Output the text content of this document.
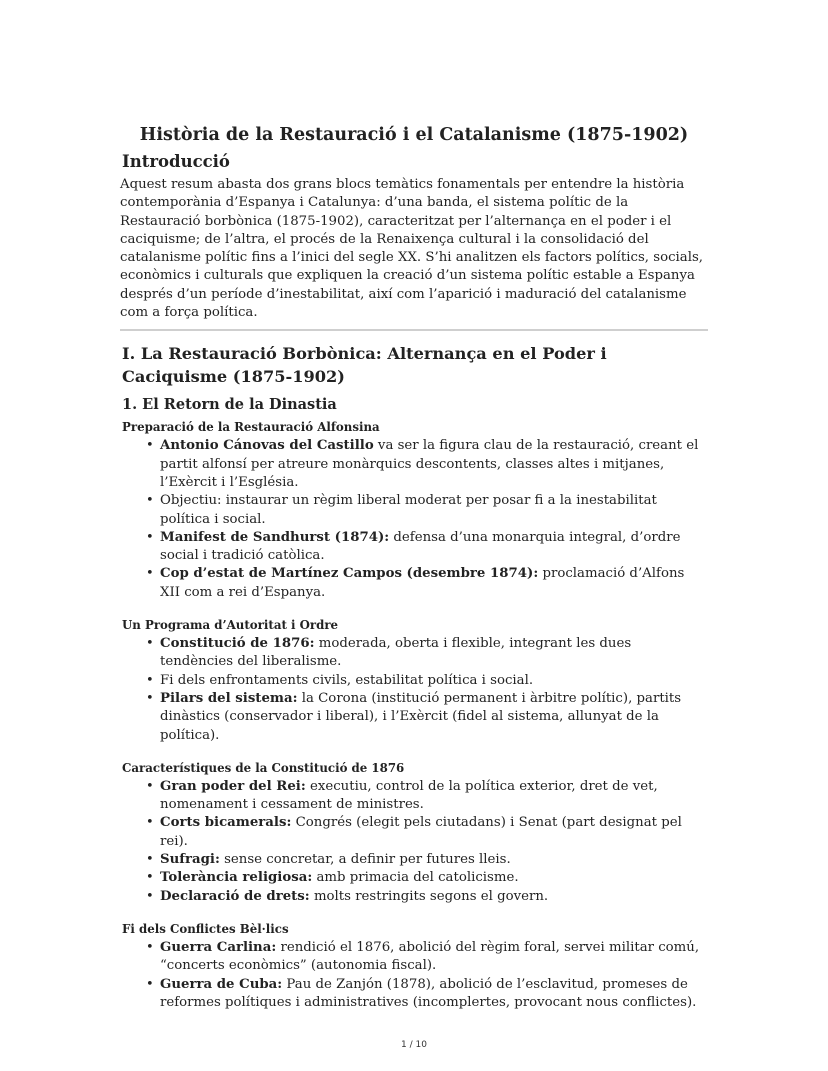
Història de la Restauració i el Catalanisme (1875-1902)
Introducció

Aquest resum abasta dos grans blocs temàtics fonamentals per entendre la història contemporània d’Espanya i Catalunya: d’una banda, el sistema polític de la Restauració borbònica (1875-1902), caracteritzat per l’alternança en el poder i el caciquisme; de l’altra, el procés de la Renaixença cultural i la consolidació del catalanisme polític fins a l’inici del segle XX. S’hi analitzen els factors polítics, socials, econòmics i culturals que expliquen la creació d’un sistema polític estable a Espanya després d’un període d’inestabilitat, així com l’aparició i maduració del catalanisme com a força política.

I. La Restauració Borbònica: Alternança en el Poder i Caciquisme (1875-1902)
1. El Retorn de la Dinastia
Preparació de la Restauració Alfonsina
• Antonio Cánovas del Castillo va ser la figura clau de la restauració, creant el partit alfonsí per atreure monàrquics descontents, classes altes i mitjanes, l’Exèrcit i l’Església.
• Objectiu: instaurar un règim liberal moderat per posar fi a la inestabilitat política i social.
• Manifest de Sandhurst (1874): defensa d’una monarquia integral, d’ordre social i tradició catòlica.
• Cop d’estat de Martínez Campos (desembre 1874): proclamació d’Alfons XII com a rei d’Espanya.
Un Programa d’Autoritat i Ordre
• Constitució de 1876: moderada, oberta i flexible, integrant les dues tendències del liberalisme.
• Fi dels enfrontaments civils, estabilitat política i social.
• Pilars del sistema: la Corona (institució permanent i àrbitre polític), partits dinàstics (conservador i liberal), i l’Exèrcit (fidel al sistema, allunyat de la política).
Característiques de la Constitució de 1876
• Gran poder del Rei: executiu, control de la política exterior, dret de vet, nomenament i cessament de ministres.
• Corts bicamerals: Congrés (elegit pels ciutadans) i Senat (part designat pel rei).
• Sufragi: sense concretar, a definir per futures lleis.
• Tolerància religiosa: amb primacia del catolicisme.
• Declaració de drets: molts restringits segons el govern.
Fi dels Conflictes Bèl·lics
• Guerra Carlina: rendició el 1876, abolició del règim foral, servei militar comú, “concerts econòmics” (autonomia fiscal).
• Guerra de Cuba: Pau de Zanjón (1878), abolició de l’esclavitud, promeses de reformes polítiques i administratives (incomplertes, provocant nous conflictes).
1 / 10
